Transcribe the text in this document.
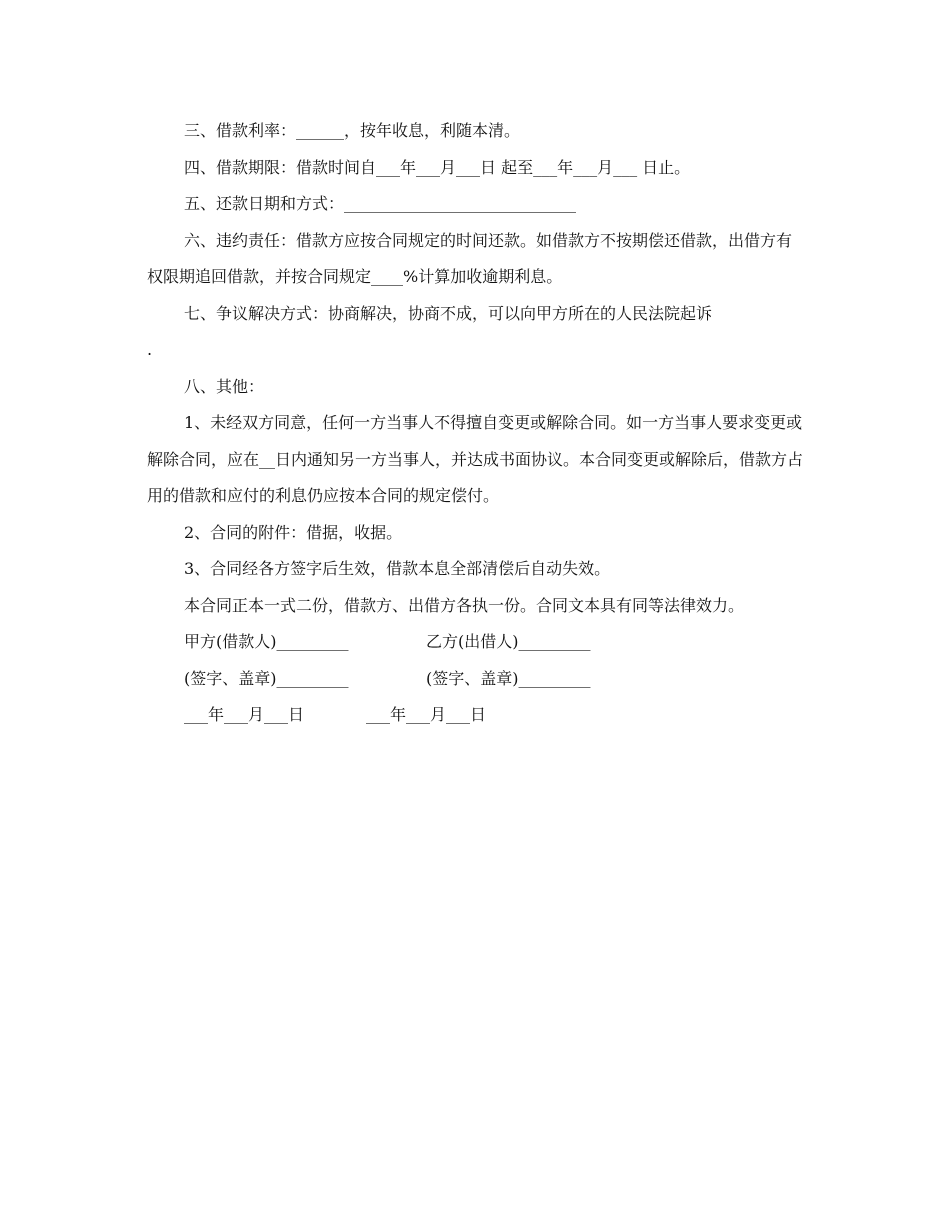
三、借款利率：______，按年收息，利随本清。

四、借款期限：借款时间自___年___月___日 起至___年___月___ 日止。

五、还款日期和方式：_____________________________

六、违约责任：借款方应按合同规定的时间还款。如借款方不按期偿还借款，出借方有权限期追回借款，并按合同规定____%计算加收逾期利息。

七、争议解决方式：协商解决，协商不成，可以向甲方所在的人民法院起诉

.

八、其他：

1、未经双方同意，任何一方当事人不得擅自变更或解除合同。如一方当事人要求变更或解除合同，应在__日内通知另一方当事人，并达成书面协议。本合同变更或解除后，借款方占用的借款和应付的利息仍应按本合同的规定偿付。

2、合同的附件：借据，收据。

3、合同经各方签字后生效，借款本息全部清偿后自动失效。

本合同正本一式二份，借款方、出借方各执一份。合同文本具有同等法律效力。

甲方(借款人)_________	乙方(出借人)_________
(签字、盖章)_________	(签字、盖章)_________
___年___月___日	___年___月___日
